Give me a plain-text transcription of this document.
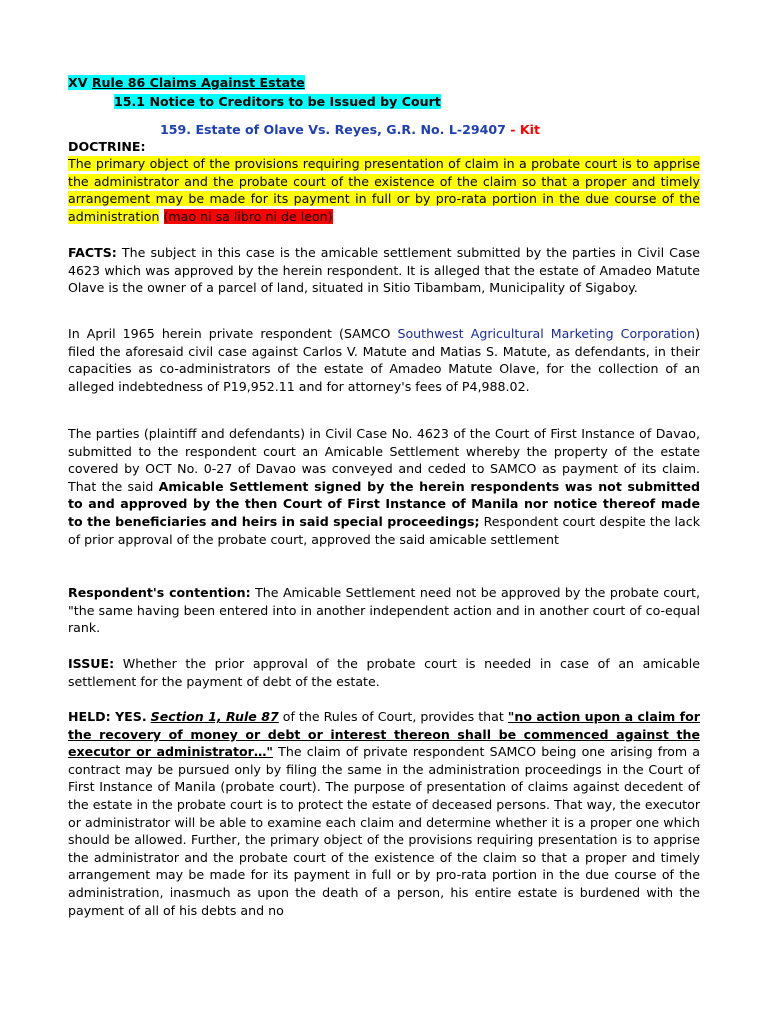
XV Rule 86 Claims Against Estate
15.1 Notice to Creditors to be Issued by Court
159. Estate of Olave Vs. Reyes, G.R. No. L-29407 - Kit
DOCTRINE:
The primary object of the provisions requiring presentation of claim in a probate court is to apprise the administrator and the probate court of the existence of the claim so that a proper and timely arrangement may be made for its payment in full or by pro-rata portion in the due course of the administration (mao ni sa libro ni de leon)
FACTS: The subject in this case is the amicable settlement submitted by the parties in Civil Case 4623 which was approved by the herein respondent. It is alleged that the estate of Amadeo Matute Olave is the owner of a parcel of land, situated in Sitio Tibambam, Municipality of Sigaboy.
In April 1965 herein private respondent (SAMCO Southwest Agricultural Marketing Corporation) filed the aforesaid civil case against Carlos V. Matute and Matias S. Matute, as defendants, in their capacities as co-administrators of the estate of Amadeo Matute Olave, for the collection of an alleged indebtedness of P19,952.11 and for attorney's fees of P4,988.02.
The parties (plaintiff and defendants) in Civil Case No. 4623 of the Court of First Instance of Davao, submitted to the respondent court an Amicable Settlement whereby the property of the estate covered by OCT No. 0-27 of Davao was conveyed and ceded to SAMCO as payment of its claim. That the said Amicable Settlement signed by the herein respondents was not submitted to and approved by the then Court of First Instance of Manila nor notice thereof made to the beneficiaries and heirs in said special proceedings; Respondent court despite the lack of prior approval of the probate court, approved the said amicable settlement
Respondent's contention: The Amicable Settlement need not be approved by the probate court, "the same having been entered into in another independent action and in another court of co-equal rank.
ISSUE: Whether the prior approval of the probate court is needed in case of an amicable settlement for the payment of debt of the estate.
HELD: YES. Section 1, Rule 87 of the Rules of Court, provides that "no action upon a claim for the recovery of money or debt or interest thereon shall be commenced against the executor or administrator…" The claim of private respondent SAMCO being one arising from a contract may be pursued only by filing the same in the administration proceedings in the Court of First Instance of Manila (probate court). The purpose of presentation of claims against decedent of the estate in the probate court is to protect the estate of deceased persons. That way, the executor or administrator will be able to examine each claim and determine whether it is a proper one which should be allowed. Further, the primary object of the provisions requiring presentation is to apprise the administrator and the probate court of the existence of the claim so that a proper and timely arrangement may be made for its payment in full or by pro-rata portion in the due course of the administration, inasmuch as upon the death of a person, his entire estate is burdened with the payment of all of his debts and no
